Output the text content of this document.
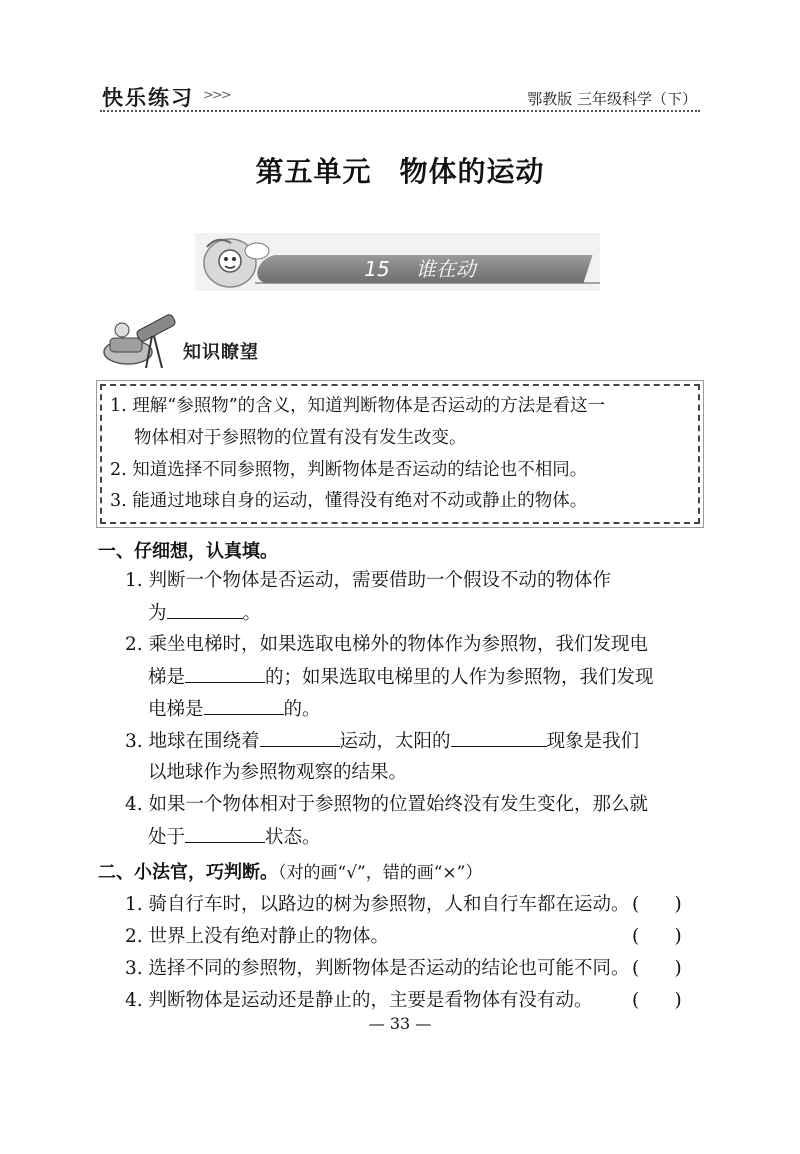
快乐练习 >>>	鄂教版 三年级科学（下）
第五单元 物体的运动
15 谁在动
知识瞭望
1. 理解“参照物”的含义，知道判断物体是否运动的方法是看这一
物体相对于参照物的位置有没有发生改变。
2. 知道选择不同参照物，判断物体是否运动的结论也不相同。
3. 能通过地球自身的运动，懂得没有绝对不动或静止的物体。
一、仔细想，认真填。
1. 判断一个物体是否运动，需要借助一个假设不动的物体作
为	。
2. 乘坐电梯时，如果选取电梯外的物体作为参照物，我们发现电
梯是	的；如果选取电梯里的人作为参照物，我们发现
电梯是	的。
3. 地球在围绕着	运动，太阳的	现象是我们
以地球作为参照物观察的结果。
4. 如果一个物体相对于参照物的位置始终没有发生变化，那么就
处于	状态。
二、小法官，巧判断。（对的画“√”，错的画“×”）
1. 骑自行车时，以路边的树为参照物，人和自行车都在运动。 (      )
2. 世界上没有绝对静止的物体。	(      )
3. 选择不同的参照物，判断物体是否运动的结论也可能不同。 (      )
4. 判断物体是运动还是静止的，主要是看物体有没有动。 (      )
— 33 —
